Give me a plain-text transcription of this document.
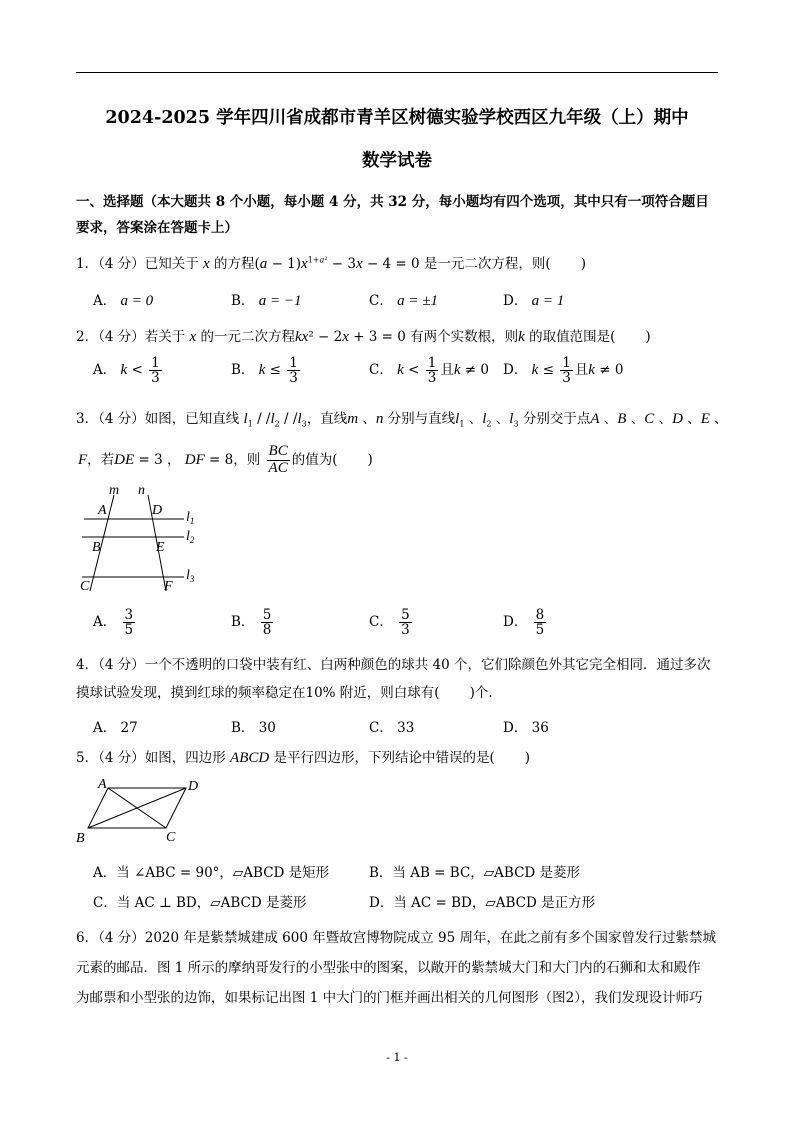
2024-2025 学年四川省成都市青羊区树德实验学校西区九年级（上）期中
数学试卷
一、选择题（本大题共 8 个小题，每小题 4 分，共 32 分，每小题均有四个选项，其中只有一项符合题目
要求，答案涂在答题卡上）
1．（4 分）已知关于 x 的方程$(a - 1)x^{1+a^2} - 3x - 4 = 0$ 是一元二次方程，则( )
A． a = 0	B． a = −1	C． a = ±1	D． a = 1
2．（4 分）若关于 x 的一元二次方程kx² − 2x + 3 = 0 有两个实数根，则k 的取值范围是( )
A． $k < \frac{1}{3}$	B． $k \le \frac{1}{3}$	C． $k < \frac{1}{3}$ 且k ≠ 0 D． $k \le \frac{1}{3}$ 且k ≠ 0
3．（4 分）如图，已知直线 $l_1 / /l_2 / /l_3$，直线m 、n 分别与直线$l_1$ 、$l_2$ 、$l_3$ 分别交于点A 、B 、C 、D 、E 、
F，若DE = 3 ， DF = 8，则 $\frac{BC}{AC}$ 的值为( )
m n
A	D
B	E
C	F
$l_1$
$l_2$
$l_3$
A． $\frac{3}{5}$	B． $\frac{5}{8}$	C． $\frac{5}{3}$	D． $\frac{8}{5}$
4．（4 分）一个不透明的口袋中装有红、白两种颜色的球共 40 个，它们除颜色外其它完全相同．通过多次
摸球试验发现，摸到红球的频率稳定在10% 附近，则白球有( )个.
A． 27	B． 30	C． 33	D． 36
5．（4 分）如图，四边形 ABCD 是平行四边形，下列结论中错误的是( )
A	D
B	C
A．当 ∠ABC = 90°，▱ABCD 是矩形	B．当 AB = BC，▱ABCD 是菱形
C．当 AC ⊥ BD，▱ABCD 是菱形	D．当 AC = BD，▱ABCD 是正方形
6．（4 分）2020 年是紫禁城建成 600 年暨故宫博物院成立 95 周年，在此之前有多个国家曾发行过紫禁城
元素的邮品．图 1 所示的摩纳哥发行的小型张中的图案，以敞开的紫禁城大门和大门内的石狮和太和殿作
为邮票和小型张的边饰，如果标记出图 1 中大门的门框并画出相关的几何图形（图2），我们发现设计师巧
- 1 -
